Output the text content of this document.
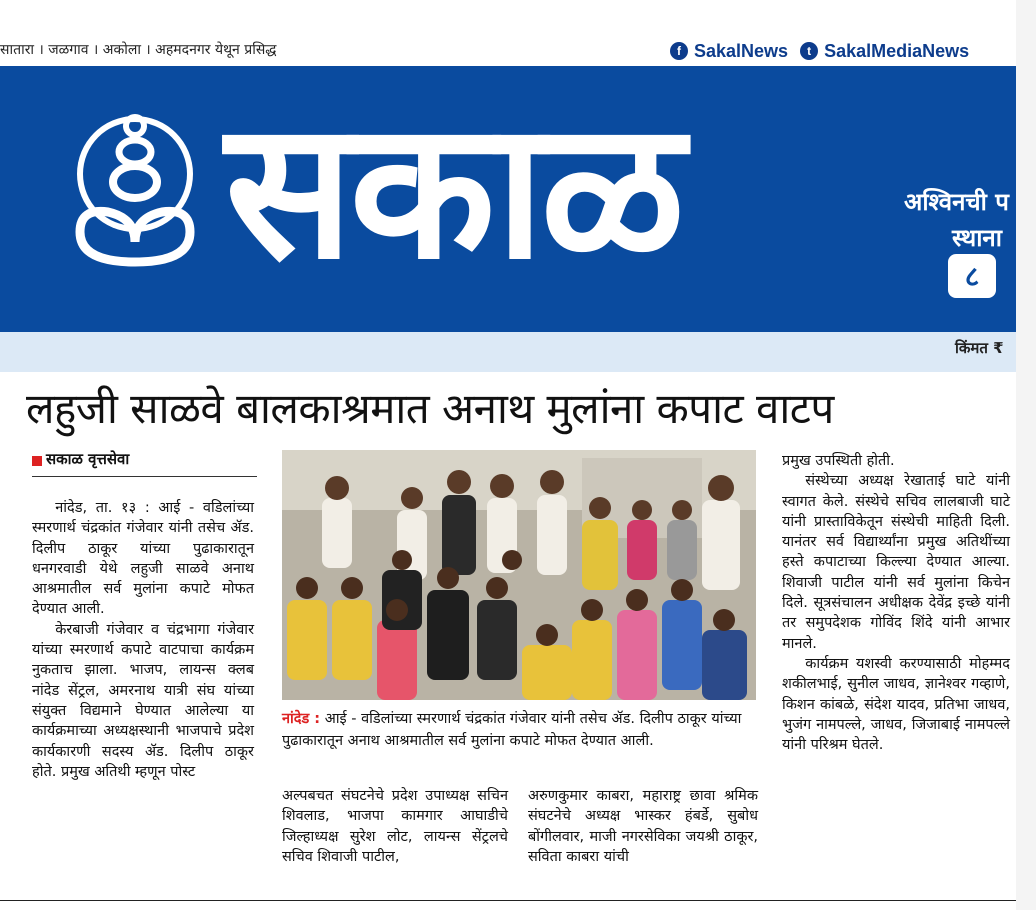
सातारा । जळगाव । अकोला । अहमदनगर येथून प्रसिद्ध	f SakalNews	t SakalMediaNews
सकाळ	अश्विनची प
स्थाना
८
किंमत ₹
लहुजी साळवे बालकाश्रमात अनाथ मुलांना कपाट वाटप
सकाळ वृत्तसेवा

नांदेड, ता. १३ : आई - वडिलांच्या स्मरणार्थ चंद्रकांत गंजेवार यांनी तसेच ॲड. दिलीप ठाकूर यांच्या पुढाकारातून धनगरवाडी येथे लहुजी साळवे अनाथ आश्रमातील सर्व मुलांना कपाटे मोफत देण्यात आली.

केरबाजी गंजेवार व चंद्रभागा गंजेवार यांच्या स्मरणार्थ कपाटे वाटपाचा कार्यक्रम नुकताच झाला. भाजप, लायन्स क्लब नांदेड सेंट्रल, अमरनाथ यात्री संघ यांच्या संयुक्त विद्यमाने घेण्यात आलेल्या या कार्यक्रमाच्या अध्यक्षस्थानी भाजपाचे प्रदेश कार्यकारणी सदस्य ॲड. दिलीप ठाकूर होते. प्रमुख अतिथी म्हणून पोस्ट

नांदेड : आई - वडिलांच्या स्मरणार्थ चंद्रकांत गंजेवार यांनी तसेच ॲड. दिलीप ठाकूर यांच्या पुढाकारातून अनाथ आश्रमातील सर्व मुलांना कपाटे मोफत देण्यात आली.

अल्पबचत संघटनेचे प्रदेश उपाध्यक्ष सचिन शिवलाड, भाजपा कामगार आघाडीचे जिल्हाध्यक्ष सुरेश लोट, लायन्स सेंट्रलचे सचिव शिवाजी पाटील,

अरुणकुमार काबरा, महाराष्ट्र छावा श्रमिक संघटनेचे अध्यक्ष भास्कर हंबर्डे, सुबोध बोंगीलवार, माजी नगरसेविका जयश्री ठाकूर, सविता काबरा यांची

प्रमुख उपस्थिती होती.

संस्थेच्या अध्यक्ष रेखाताई घाटे यांनी स्वागत केले. संस्थेचे सचिव लालबाजी घाटे यांनी प्रास्ताविकेतून संस्थेची माहिती दिली. यानंतर सर्व विद्यार्थ्यांना प्रमुख अतिथींच्या हस्ते कपाटाच्या किल्ल्या देण्यात आल्या. शिवाजी पाटील यांनी सर्व मुलांना किचेन दिले. सूत्रसंचालन अधीक्षक देवेंद्र इच्छे यांनी तर समुपदेशक गोविंद शिंदे यांनी आभार मानले.

कार्यक्रम यशस्वी करण्यासाठी मोहम्मद शकीलभाई, सुनील जाधव, ज्ञानेश्वर गव्हाणे, किशन कांबळे, संदेश यादव, प्रतिभा जाधव, भुजंग नामपल्ले, जाधव, जिजाबाई नामपल्ले यांनी परिश्रम घेतले.
